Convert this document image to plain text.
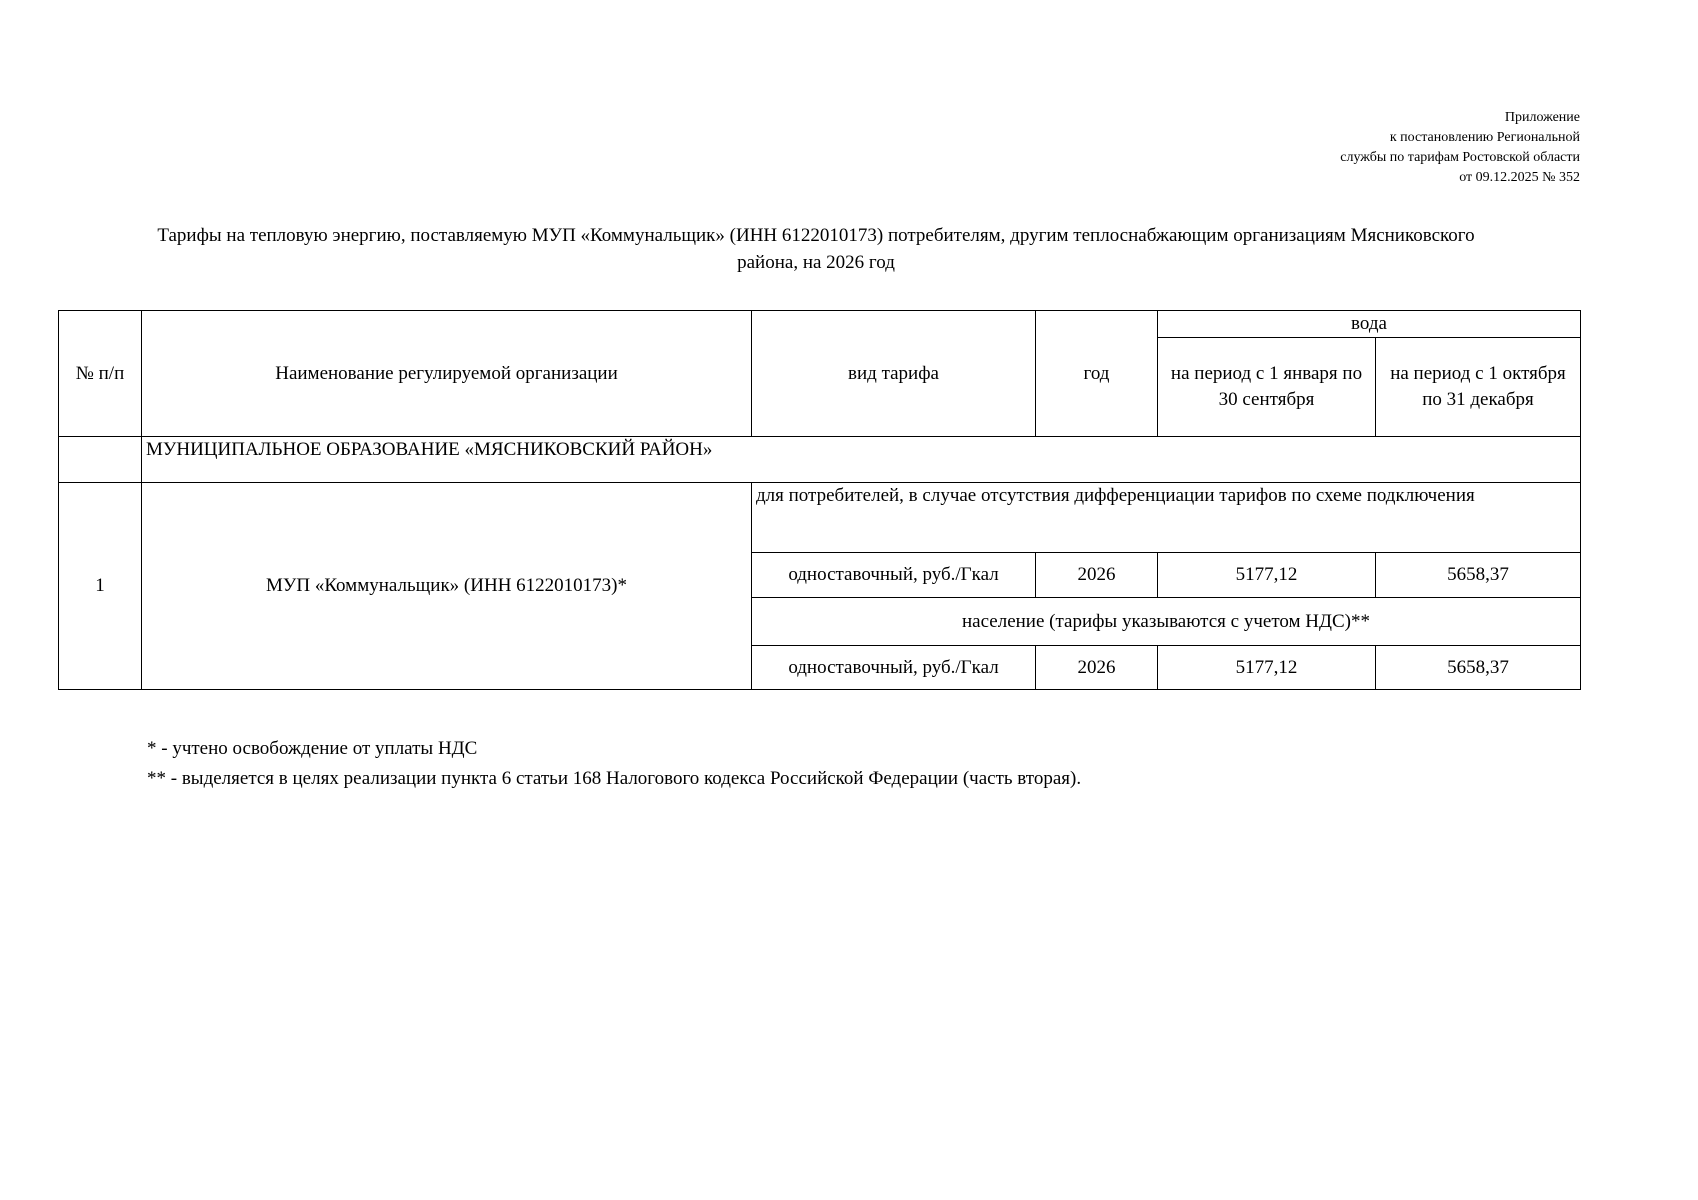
Приложение
к постановлению Региональной
службы по тарифам Ростовской области
от 09.12.2025 № 352
Тарифы на тепловую энергию, поставляемую МУП «Коммунальщик» (ИНН 6122010173) потребителям, другим теплоснабжающим организациям Мясниковского
района, на 2026 год
№ п/п	Наименование регулируемой организации	вид тарифа	год	вода	
				на период с 1 января по 30 сентября	на период с 1 октября по 31 декабря
	МУНИЦИПАЛЬНОЕ ОБРАЗОВАНИЕ «МЯСНИКОВСКИЙ РАЙОН»				
1	МУП «Коммунальщик» (ИНН 6122010173)*	для потребителей, в случае отсутствия дифференциации тарифов по схеме подключения			
		одноставочный, руб./Гкал	2026	5177,12	5658,37
		население (тарифы указываются с учетом НДС)**			
		одноставочный, руб./Гкал	2026	5177,12	5658,37
* - учтено освобождение от уплаты НДС
** - выделяется в целях реализации пункта 6 статьи 168 Налогового кодекса Российской Федерации (часть вторая).
